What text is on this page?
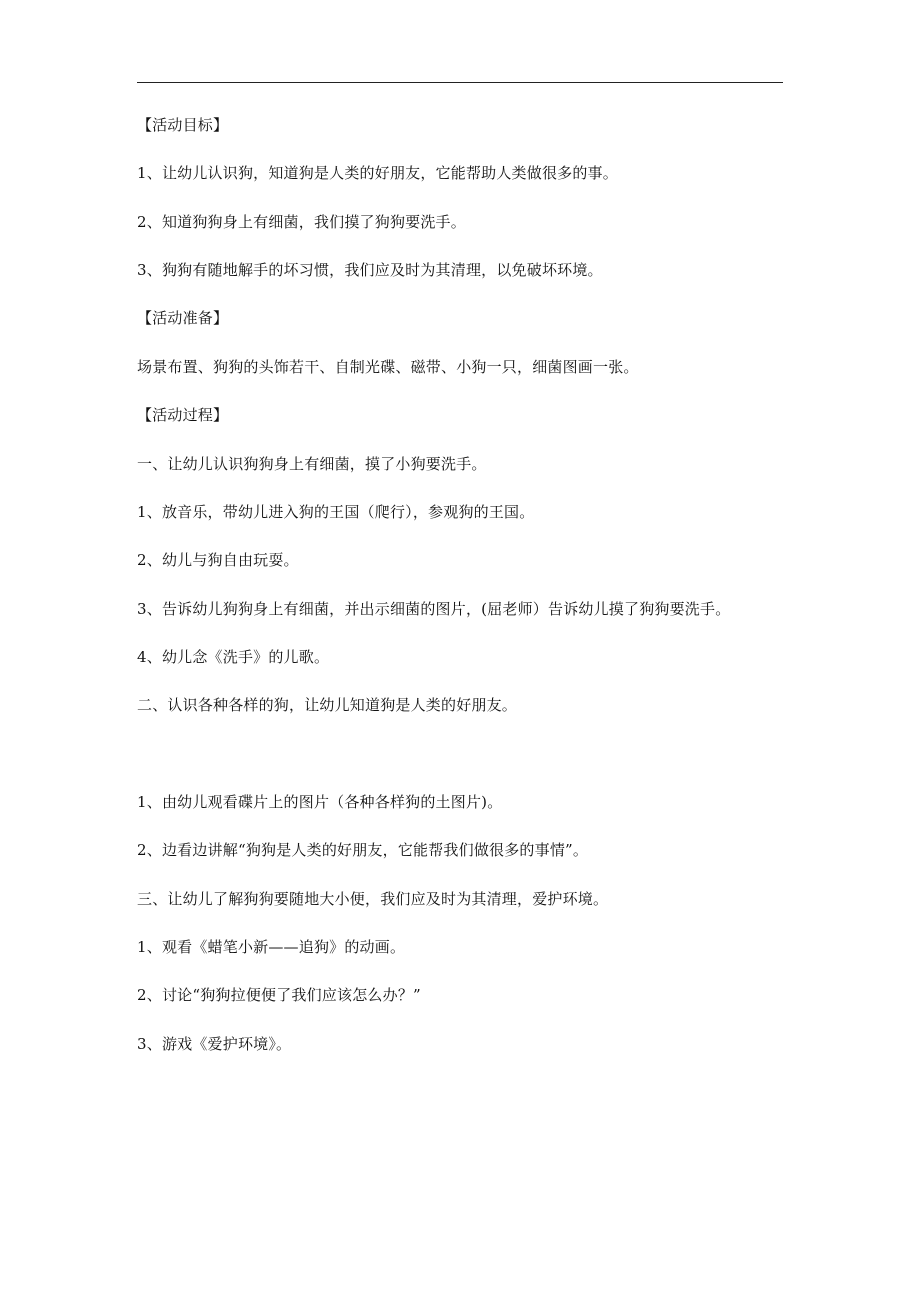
【活动目标】
1、让幼儿认识狗，知道狗是人类的好朋友，它能帮助人类做很多的事。
2、知道狗狗身上有细菌，我们摸了狗狗要洗手。
3、狗狗有随地解手的坏习惯，我们应及时为其清理，以免破坏环境。
【活动准备】
场景布置、狗狗的头饰若干、自制光碟、磁带、小狗一只，细菌图画一张。
【活动过程】
一、让幼儿认识狗狗身上有细菌，摸了小狗要洗手。
1、放音乐，带幼儿进入狗的王国（爬行），参观狗的王国。
2、幼儿与狗自由玩耍。
3、告诉幼儿狗狗身上有细菌，并出示细菌的图片，(屈老师）告诉幼儿摸了狗狗要洗手。
4、幼儿念《洗手》的儿歌。
二、认识各种各样的狗，让幼儿知道狗是人类的好朋友。
1、由幼儿观看碟片上的图片（各种各样狗的土图片)。
2、边看边讲解“狗狗是人类的好朋友，它能帮我们做很多的事情”。
三、让幼儿了解狗狗要随地大小便，我们应及时为其清理，爱护环境。
1、观看《蜡笔小新——追狗》的动画。
2、讨论“狗狗拉便便了我们应该怎么办？”
3、游戏《爱护环境》。
